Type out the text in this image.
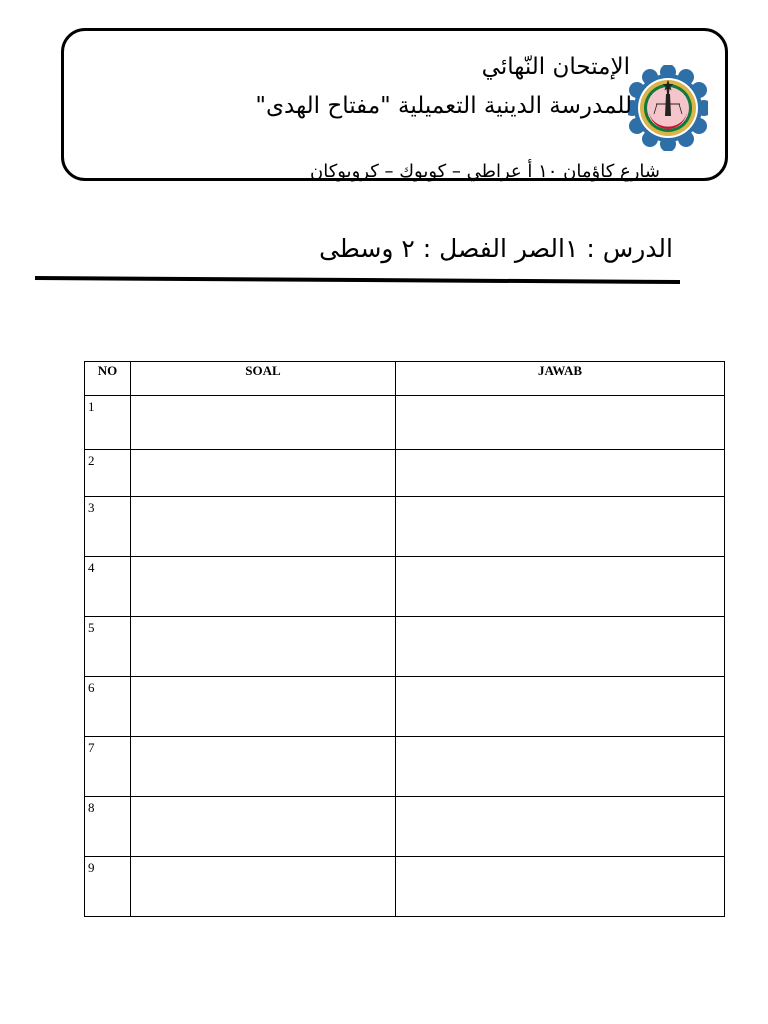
الإمتحان النّهائي
للمدرسة الدينية التعميلية "مفتاح الهدى"
شارع كاؤمان ١٠ أ عراطي – كوبوك – كروبوكان
الدرس : ١الصر الفصل : ٢ وسطى
NO	SOAL	JAWAB
1		
2		
3		
4		
5		
6		
7		
8		
9		
